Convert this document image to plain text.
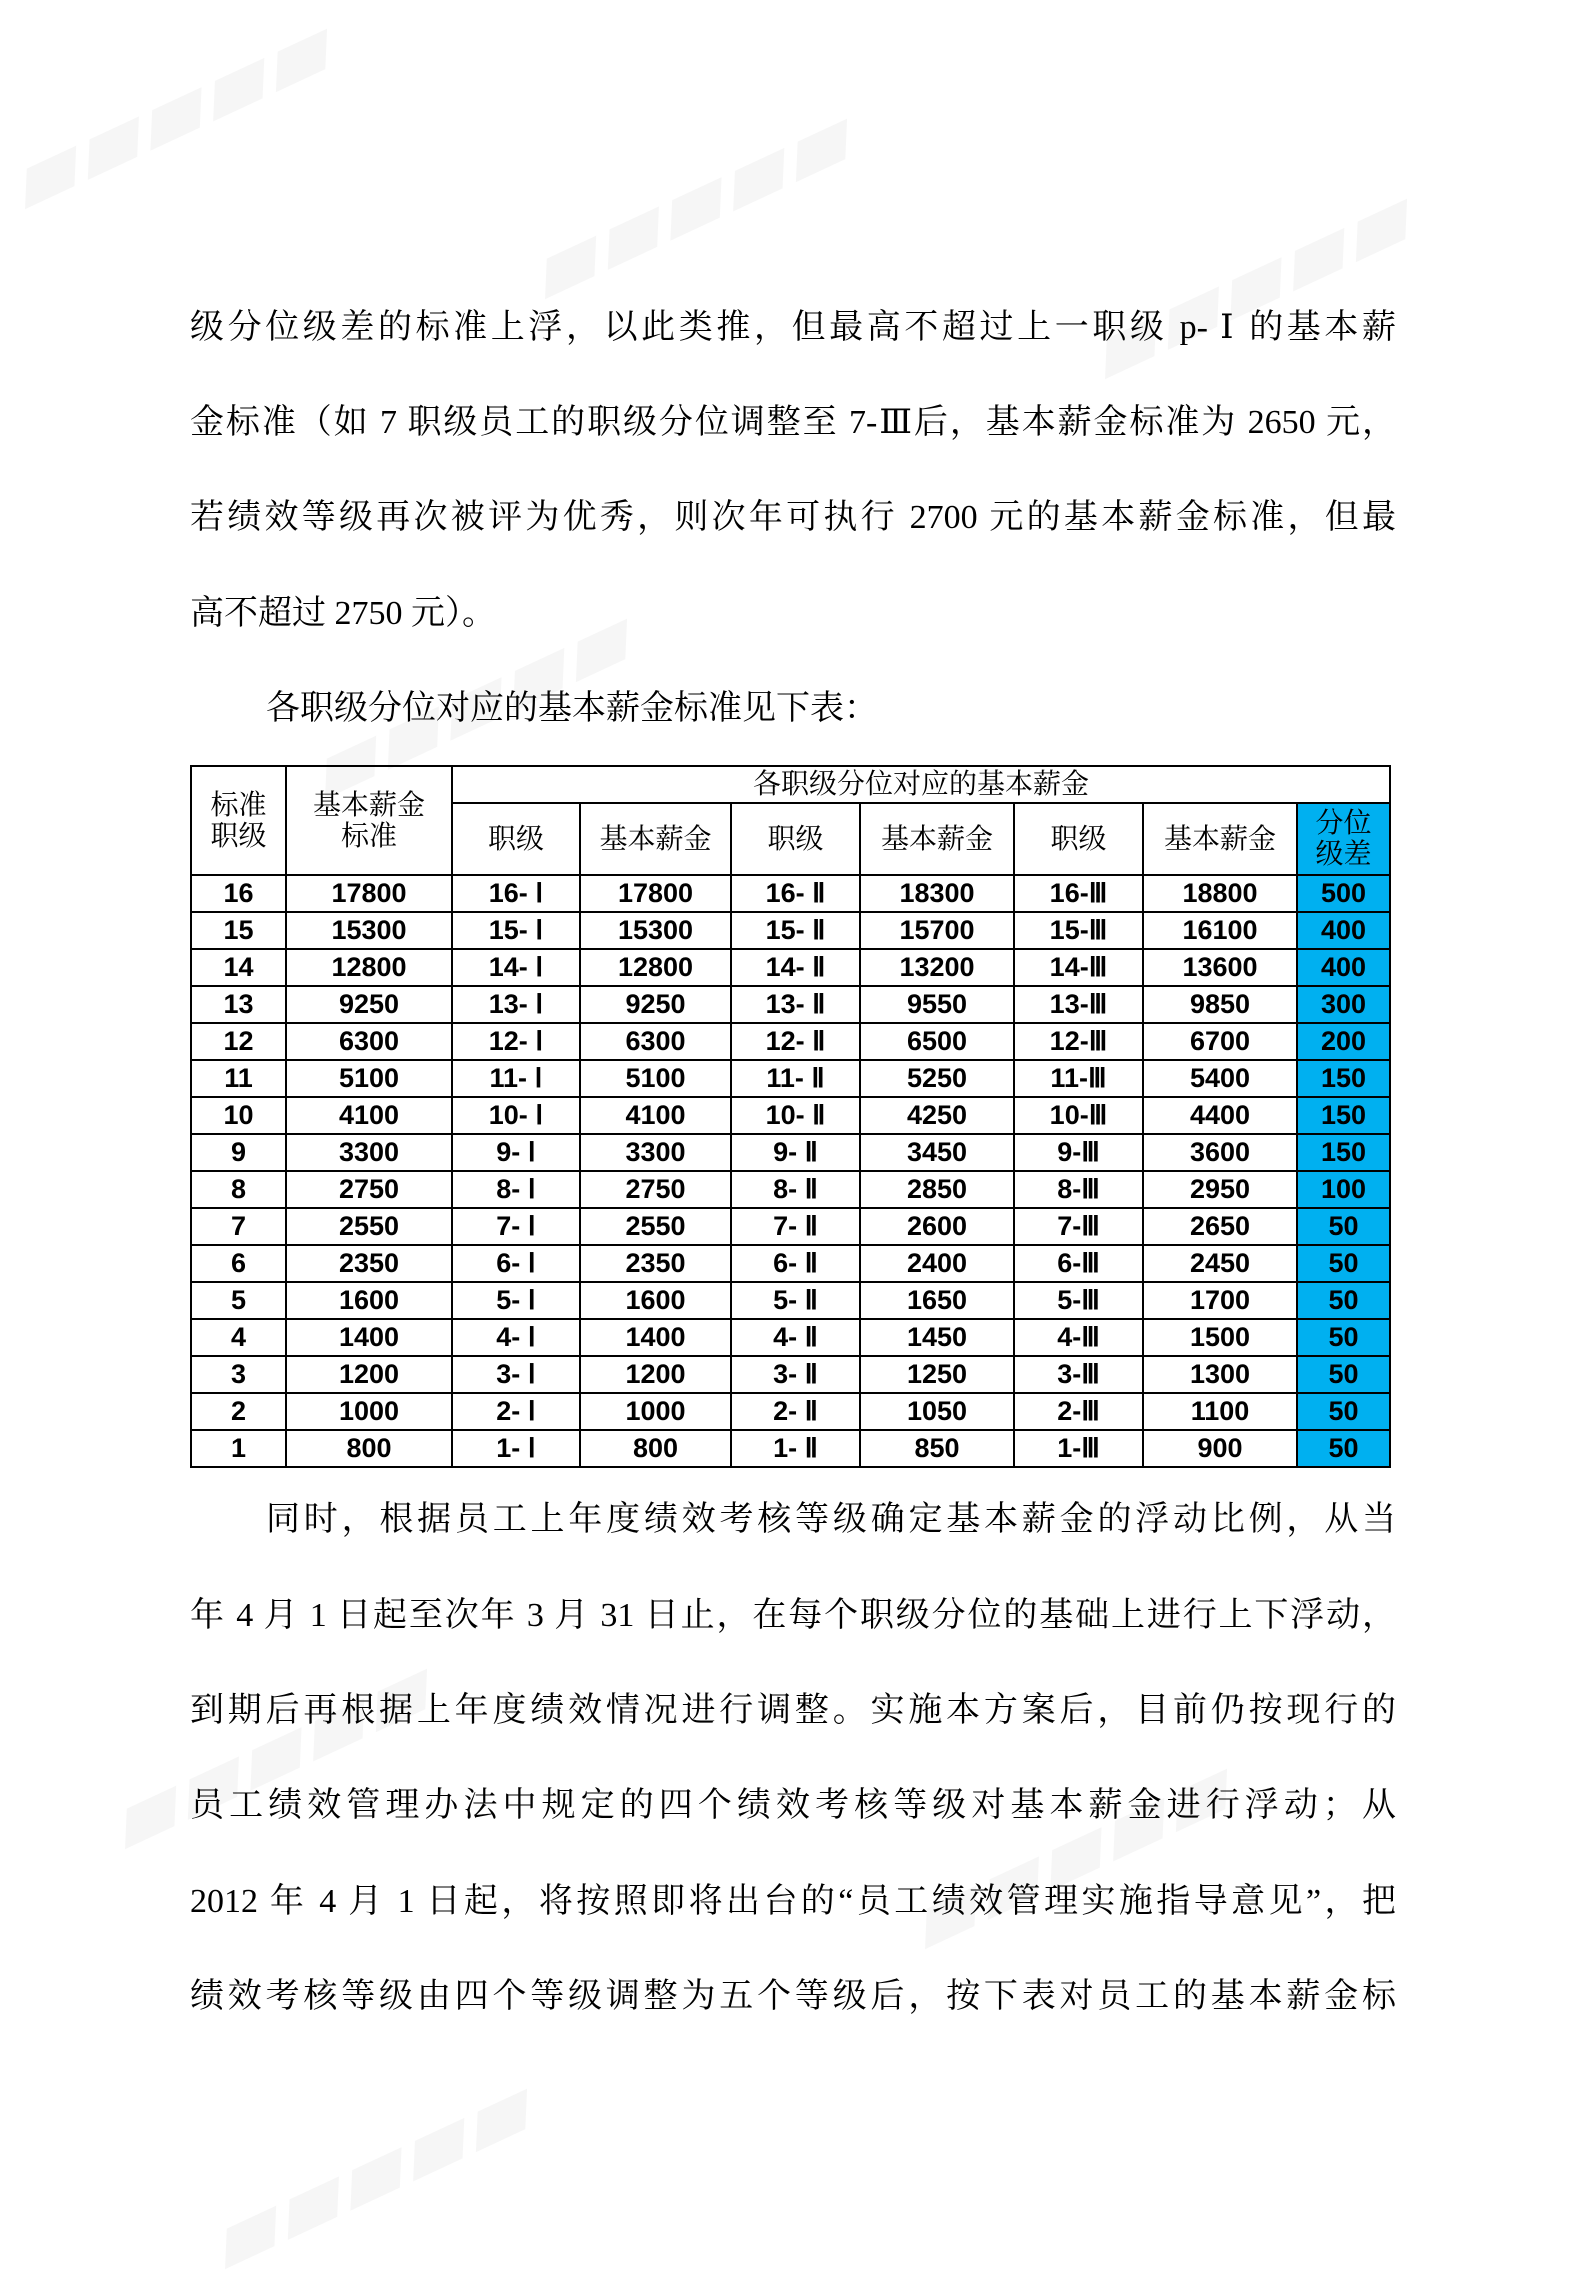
级分位级差的标准上浮，以此类推，但最高不超过上一职级 p- Ⅰ 的基本薪
金标准（如 7 职级员工的职级分位调整至 7-Ⅲ后，基本薪金标准为 2650 元，
若绩效等级再次被评为优秀，则次年可执行 2700 元的基本薪金标准，但最
高不超过 2750 元）。
各职级分位对应的基本薪金标准见下表：
标准职级	基本薪金标准	各职级分位对应的基本薪金						
		职级	基本薪金	职级	基本薪金	职级	基本薪金	分位级差
16	17800	16- Ⅰ	17800	16- Ⅱ	18300	16-Ⅲ	18800	500
15	15300	15- Ⅰ	15300	15- Ⅱ	15700	15-Ⅲ	16100	400
14	12800	14- Ⅰ	12800	14- Ⅱ	13200	14-Ⅲ	13600	400
13	9250	13- Ⅰ	9250	13- Ⅱ	9550	13-Ⅲ	9850	300
12	6300	12- Ⅰ	6300	12- Ⅱ	6500	12-Ⅲ	6700	200
11	5100	11- Ⅰ	5100	11- Ⅱ	5250	11-Ⅲ	5400	150
10	4100	10- Ⅰ	4100	10- Ⅱ	4250	10-Ⅲ	4400	150
9	3300	9- Ⅰ	3300	9- Ⅱ	3450	9-Ⅲ	3600	150
8	2750	8- Ⅰ	2750	8- Ⅱ	2850	8-Ⅲ	2950	100
7	2550	7- Ⅰ	2550	7- Ⅱ	2600	7-Ⅲ	2650	50
6	2350	6- Ⅰ	2350	6- Ⅱ	2400	6-Ⅲ	2450	50
5	1600	5- Ⅰ	1600	5- Ⅱ	1650	5-Ⅲ	1700	50
4	1400	4- Ⅰ	1400	4- Ⅱ	1450	4-Ⅲ	1500	50
3	1200	3- Ⅰ	1200	3- Ⅱ	1250	3-Ⅲ	1300	50
2	1000	2- Ⅰ	1000	2- Ⅱ	1050	2-Ⅲ	1100	50
1	800	1- Ⅰ	800	1- Ⅱ	850	1-Ⅲ	900	50
同时，根据员工上年度绩效考核等级确定基本薪金的浮动比例，从当
年 4 月 1 日起至次年 3 月 31 日止，在每个职级分位的基础上进行上下浮动，
到期后再根据上年度绩效情况进行调整。实施本方案后，目前仍按现行的
员工绩效管理办法中规定的四个绩效考核等级对基本薪金进行浮动；从
2012 年 4 月 1 日起，将按照即将出台的“员工绩效管理实施指导意见”，把
绩效考核等级由四个等级调整为五个等级后，按下表对员工的基本薪金标
